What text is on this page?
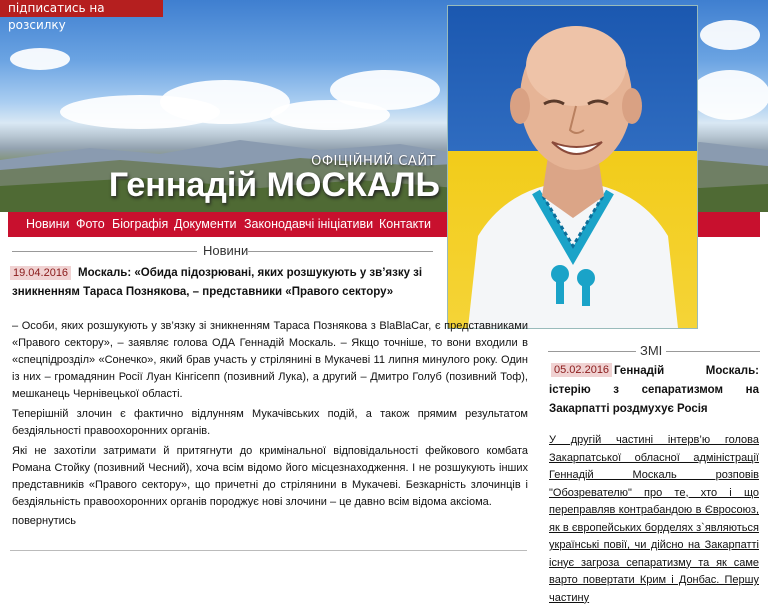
підписатись на розсилку
ОФІЦІЙНИЙ САЙТ
Геннадій МОСКАЛЬ
Новини Фото Біографія Документи Законодавчі ініціативи Контакти
Новини
19.04.2016 Москаль: «Обида підозрювані, яких розшукують у зв’язку зі
зникненням Тараса Познякова, – представники «Правого сектору»
– Особи, яких розшукують у зв’язку зі зникненням Тараса Познякова з BlaBlaCar, є представниками «Правого сектору», – заявляє голова ОДА Геннадій Москаль. – Якщо точніше, то вони входили в «спецпідрозділ» «Сонечко», який брав участь у стрілянині в Мукачеві 11 липня минулого року. Один із них – громадянин Росії Луан Кінгісепп (позивний Лука), а другий – Дмитро Голуб (позивний Тоф), мешканець Чернівецької області.
Теперішній злочин є фактично відлунням Мукачівських подій, а також прямим результатом бездіяльності правоохоронних органів.
Які не захотіли затримати й притягнути до кримінальної відповідальності фейкового комбата Романа Стойку (позивний Чесний), хоча всім відомо його місцезнаходження. І не розшукують інших представників «Правого сектору», що причетні до стрілянини в Мукачеві. Безкарність злочинців і бездіяльність правоохоронних органів породжує нові злочини – це давно всім відома аксіома.
повернутись
ЗМІ
05.02.2016 Геннадій Москаль: істерію з сепаратизмом на Закарпатті роздмухує Росія
У другій частині інтерв’ю голова Закарпатської обласної адміністрації Геннадій Москаль розповів "Обозревателю" про те, хто і що переправляв контрабандою в Євросоюз, як в європейських борделях з`являються українські повії, чи дійсно на Закарпатті існує загроза сепаратизму та як саме варто повертати Крим і Донбас. Першу частину
